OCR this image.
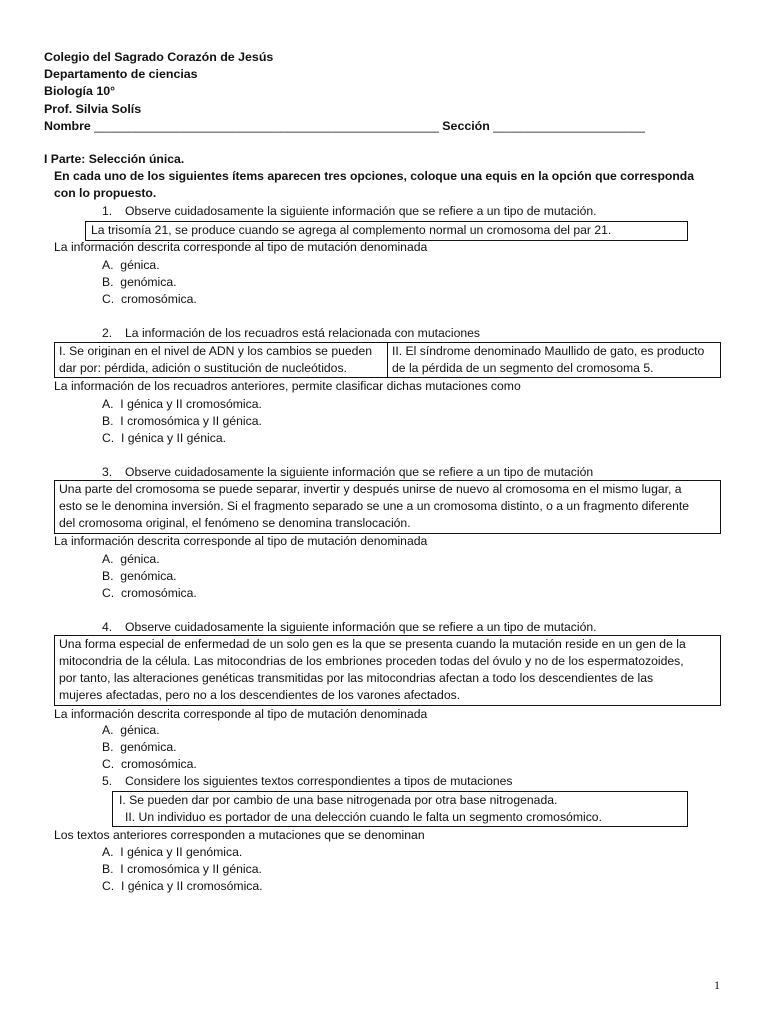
Colegio del Sagrado Corazón de Jesús
Departamento de ciencias
Biología 10°
Prof. Silvia Solís
Nombre __________________________________________________ Sección ______________________
I Parte: Selección única.
En cada uno de los siguientes ítems aparecen tres opciones, coloque una equis en la opción que corresponda
con lo propuesto.
1. Observe cuidadosamente la siguiente información que se refiere a un tipo de mutación.
La trisomía 21, se produce cuando se agrega al complemento normal un cromosoma del par 21.
La información descrita corresponde al tipo de mutación denominada
A. génica.
B. genómica.
C. cromosómica.
2. La información de los recuadros está relacionada con mutaciones
I. Se originan en el nivel de ADN y los cambios se pueden
dar por: pérdida, adición o sustitución de nucleótidos.
II. El síndrome denominado Maullido de gato, es producto
de la pérdida de un segmento del cromosoma 5.
La información de los recuadros anteriores, permite clasificar dichas mutaciones como
A. I génica y II cromosómica.
B. I cromosómica y II génica.
C. I génica y II génica.
3. Observe cuidadosamente la siguiente información que se refiere a un tipo de mutación
Una parte del cromosoma se puede separar, invertir y después unirse de nuevo al cromosoma en el mismo lugar, a
esto se le denomina inversión. Si el fragmento separado se une a un cromosoma distinto, o a un fragmento diferente
del cromosoma original, el fenómeno se denomina translocación.
La información descrita corresponde al tipo de mutación denominada
A. génica.
B. genómica.
C. cromosómica.
4. Observe cuidadosamente la siguiente información que se refiere a un tipo de mutación.
Una forma especial de enfermedad de un solo gen es la que se presenta cuando la mutación reside en un gen de la
mitocondria de la célula. Las mitocondrias de los embriones proceden todas del óvulo y no de los espermatozoides,
por tanto, las alteraciones genéticas transmitidas por las mitocondrias afectan a todo los descendientes de las
mujeres afectadas, pero no a los descendientes de los varones afectados.
La información descrita corresponde al tipo de mutación denominada
A. génica.
B. genómica.
C. cromosómica.
5. Considere los siguientes textos correspondientes a tipos de mutaciones
I. Se pueden dar por cambio de una base nitrogenada por otra base nitrogenada.
II. Un individuo es portador de una delección cuando le falta un segmento cromosómico.
Los textos anteriores corresponden a mutaciones que se denominan
A. I génica y II genómica.
B. I cromosómica y II génica.
C. I génica y II cromosómica.
1
